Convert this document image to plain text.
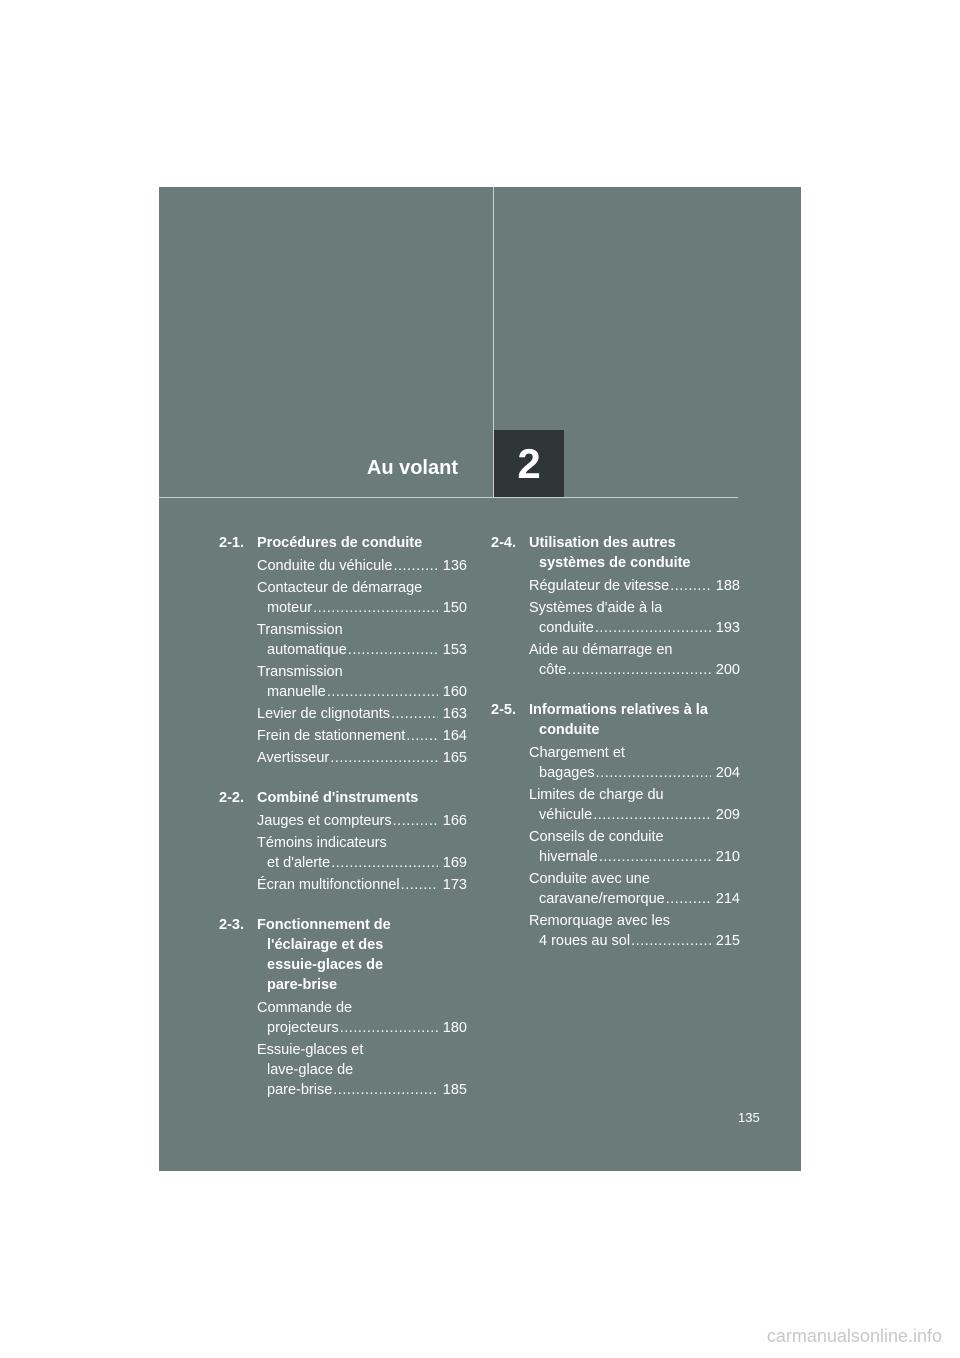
Au volant 2
2-1. Procédures de conduite
Conduite du véhicule .....	136
Contacteur de démarrage
moteur .....	150
Transmission
automatique .....	153
Transmission
manuelle .....	160
Levier de clignotants .....	163
Frein de stationnement .....	164
Avertisseur .....	165
2-2. Combiné d'instruments
Jauges et compteurs .....	166
Témoins indicateurs
et d'alerte .....	169
Écran multifonctionnel .....	173
2-3. Fonctionnement de
l'éclairage et des
essuie-glaces de
pare-brise
Commande de
projecteurs .....	180
Essuie-glaces et
lave-glace de
pare-brise .....	185
2-4. Utilisation des autres
systèmes de conduite
Régulateur de vitesse .....	188
Systèmes d'aide à la
conduite .....	193
Aide au démarrage en
côte .....	200
2-5. Informations relatives à la
conduite
Chargement et
bagages .....	204
Limites de charge du
véhicule .....	209
Conseils de conduite
hivernale .....	210
Conduite avec une
caravane/remorque .....	214
Remorquage avec les
4 roues au sol .....	215
135
carmanualsonline.info
